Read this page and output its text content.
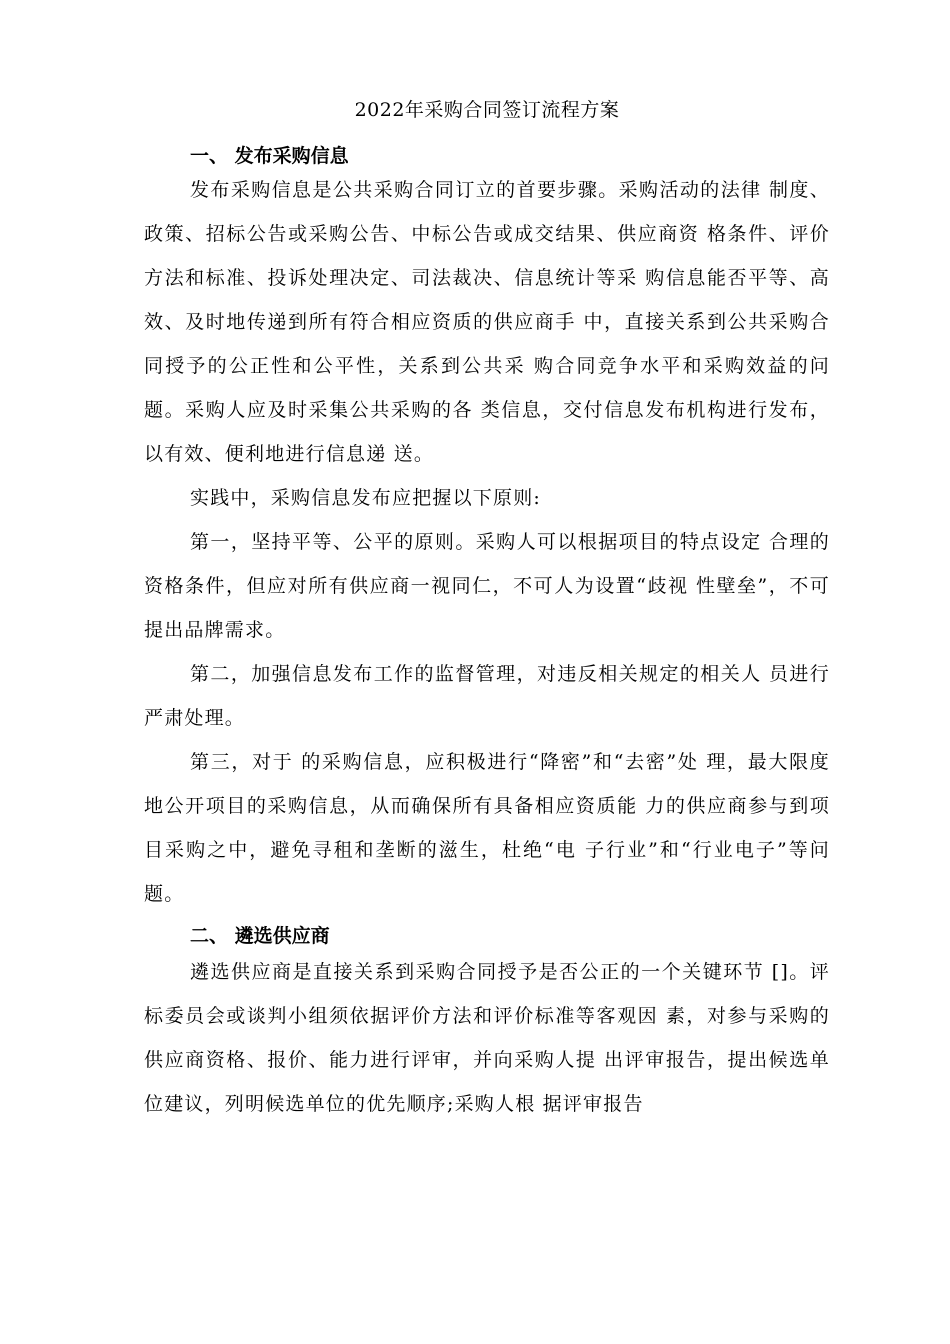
2022年采购合同签订流程方案
一、 发布采购信息

发布采购信息是公共采购合同订立的首要步骤。采购活动的法律 制度、政策、招标公告或采购公告、中标公告或成交结果、供应商资 格条件、评价方法和标准、投诉处理决定、司法裁决、信息统计等采 购信息能否平等、高效、及时地传递到所有符合相应资质的供应商手 中，直接关系到公共采购合同授予的公正性和公平性，关系到公共采 购合同竞争水平和采购效益的问题。采购人应及时采集公共采购的各 类信息，交付信息发布机构进行发布，以有效、便利地进行信息递 送。

实践中，采购信息发布应把握以下原则:

第一，坚持平等、公平的原则。采购人可以根据项目的特点设定 合理的资格条件，但应对所有供应商一视同仁，不可人为设置“歧视 性壁垒”，不可提出品牌需求。

第二，加强信息发布工作的监督管理，对违反相关规定的相关人 员进行严肃处理。

第三，对于 的采购信息，应积极进行“降密”和“去密”处 理，最大限度地公开项目的采购信息，从而确保所有具备相应资质能 力的供应商参与到项目采购之中，避免寻租和垄断的滋生，杜绝“电 子行业”和“行业电子”等问题。

二、 遴选供应商

遴选供应商是直接关系到采购合同授予是否公正的一个关键环节 []。评标委员会或谈判小组须依据评价方法和评价标准等客观因 素，对参与采购的供应商资格、报价、能力进行评审，并向采购人提 出评审报告，提出候选单位建议，列明候选单位的优先顺序;采购人根 据评审报告
